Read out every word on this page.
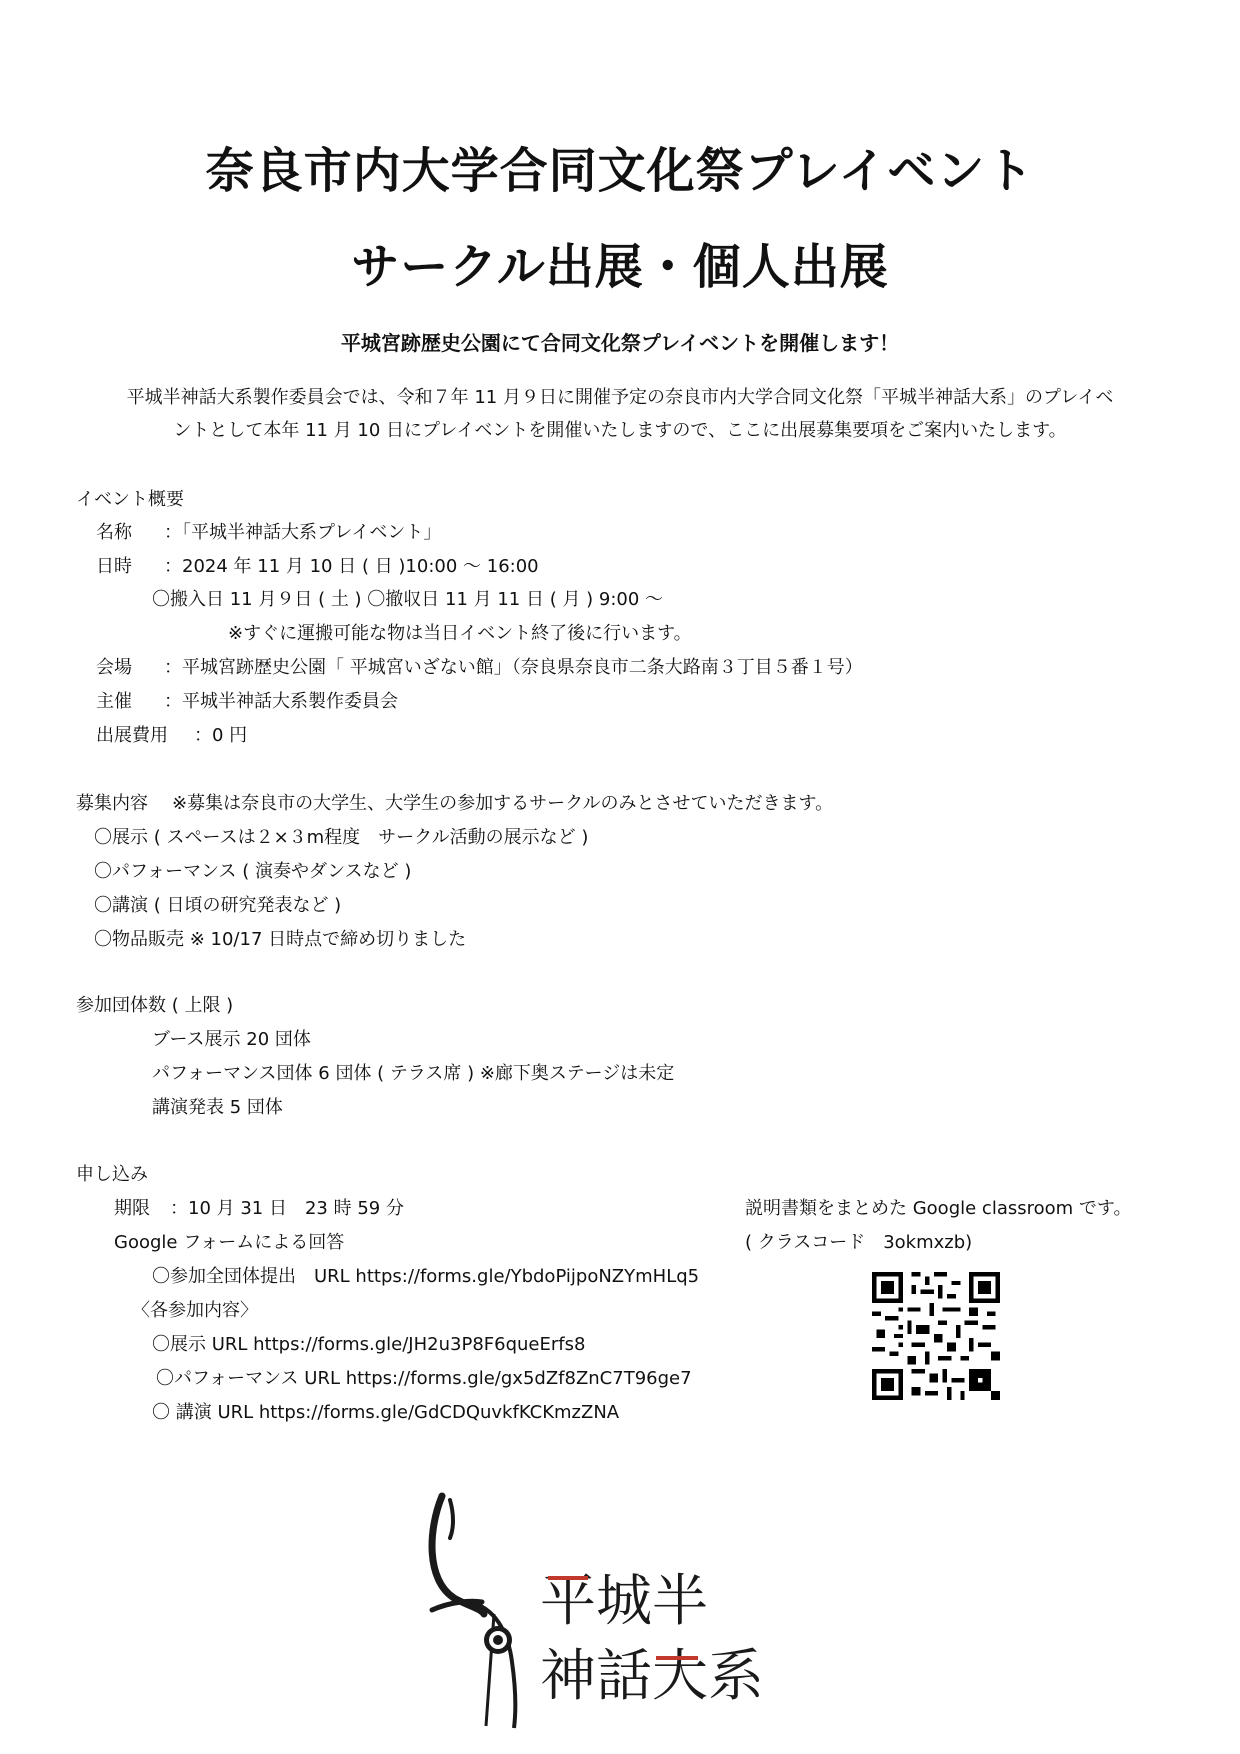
奈良市内大学合同文化祭プレイベント
サークル出展・個人出展
平城宮跡歴史公園にて合同文化祭プレイベントを開催します！
平城半神話大系製作委員会では、令和７年 11 月９日に開催予定の奈良市内大学合同文化祭「平城半神話大系」のプレイベ
ントとして本年 11 月 10 日にプレイベントを開催いたしますので、ここに出展募集要項をご案内いたします。
イベント概要
名称 ：「平城半神話大系プレイベント」
日時 ：2024 年 11 月 10 日 ( 日 )10:00 ～ 16:00
〇搬入日 11 月９日 ( 土 ) 〇撤収日 11 月 11 日 ( 月 ) 9:00 ～
※すぐに運搬可能な物は当日イベント終了後に行います。
会場 ：平城宮跡歴史公園「 平城宮いざない館」（奈良県奈良市二条大路南３丁目５番１号）
主催 ：平城半神話大系製作委員会
出展費用 ：0 円
募集内容 ※募集は奈良市の大学生、大学生の参加するサークルのみとさせていただきます。
〇展示 ( スペースは２×３m程度　サークル活動の展示など )
〇パフォーマンス ( 演奏やダンスなど )
〇講演 ( 日頃の研究発表など )
〇物品販売 ※ 10/17 日時点で締め切りました
参加団体数 ( 上限 )
ブース展示 20 団体
パフォーマンス団体 6 団体 ( テラス席 ) ※廊下奥ステージは未定
講演発表 5 団体
申し込み
期限 ：10 月 31 日　23 時 59 分
Google フォームによる回答
〇参加全団体提出　URL https://forms.gle/YbdoPijpoNZYmHLq5
〈各参加内容〉
〇展示 URL https://forms.gle/JH2u3P8F6queErfs8
〇パフォーマンス URL https://forms.gle/gx5dZf8ZnC7T96ge7
〇 講演 URL https://forms.gle/GdCDQuvkfKCKmzZNA
説明書類をまとめた Google classroom です。
( クラスコード　3okmxzb)
平城半
神話大系
